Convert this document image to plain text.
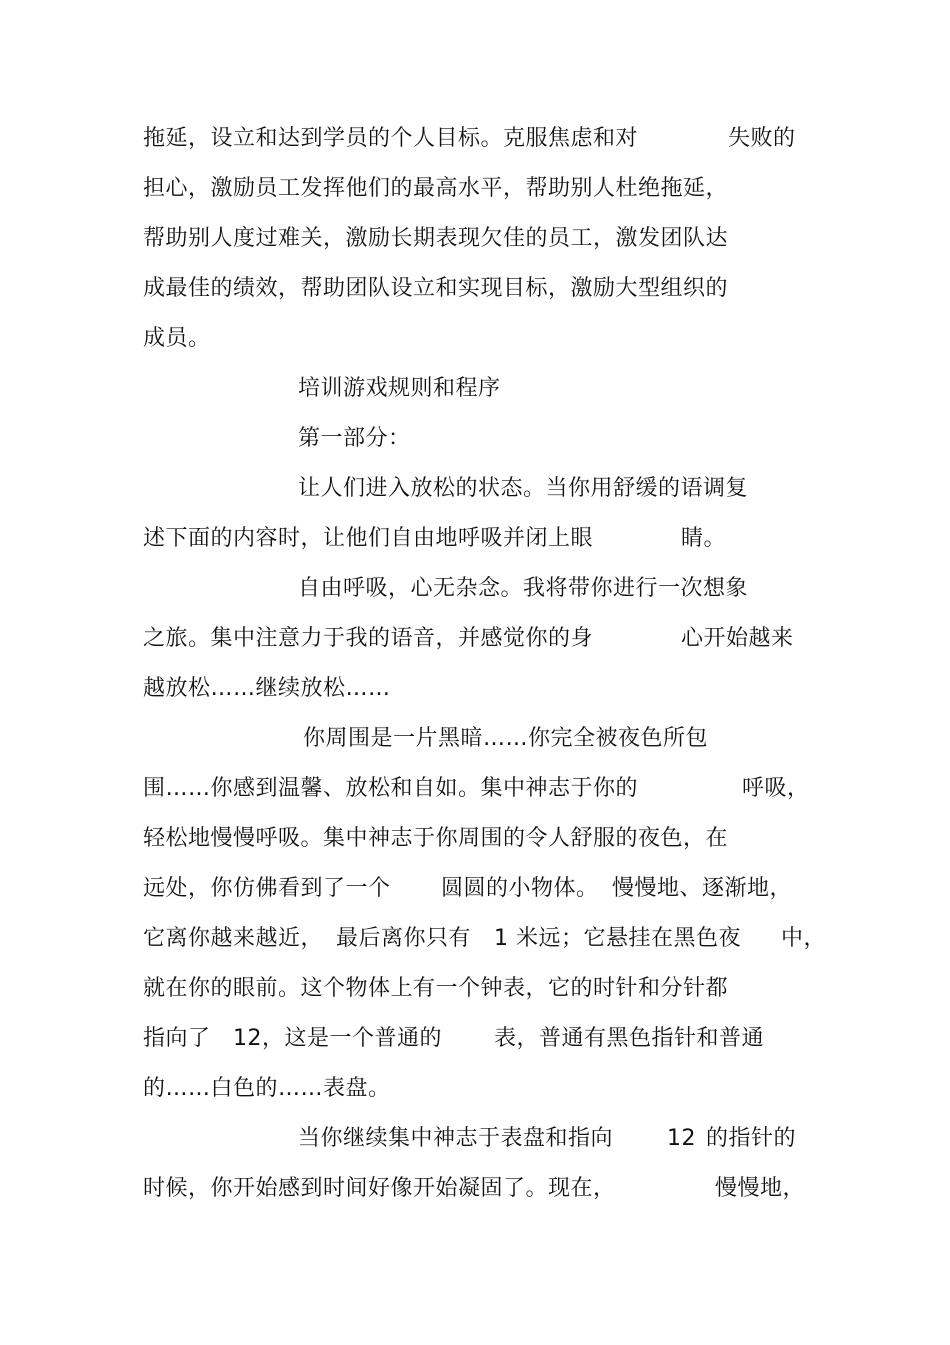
拖延，设立和达到学员的个人目标。克服焦虑和对	失败的
担心，激励员工发挥他们的最高水平，帮助别人杜绝拖延，
帮助别人度过难关，激励长期表现欠佳的员工，激发团队达
成最佳的绩效，帮助团队设立和实现目标，激励大型组织的
成员。
培训游戏规则和程序
第一部分：
让人们进入放松的状态。当你用舒缓的语调复
述下面的内容时，让他们自由地呼吸并闭上眼	睛。
自由呼吸，心无杂念。我将带你进行一次想象
之旅。集中注意力于我的语音，并感觉你的身	心开始越来
越放松……继续放松……
你周围是一片黑暗……你完全被夜色所包
围……你感到温馨、放松和自如。集中神志于你的	呼吸，
轻松地慢慢呼吸。集中神志于你周围的令人舒服的夜色，在
远处，你仿佛看到了一个 圆圆的小物体。 慢慢地、逐渐地，
它离你越来越近， 最后离你只有 1 米远；它悬挂在黑色夜 中，
就在你的眼前。这个物体上有一个钟表，它的时针和分针都
指向了 12，这是一个普通的 表，普通有黑色指针和普通
的……白色的……表盘。
当你继续集中神志于表盘和指向 12 的指针的
时候，你开始感到时间好像开始凝固了。现在，	慢慢地，
